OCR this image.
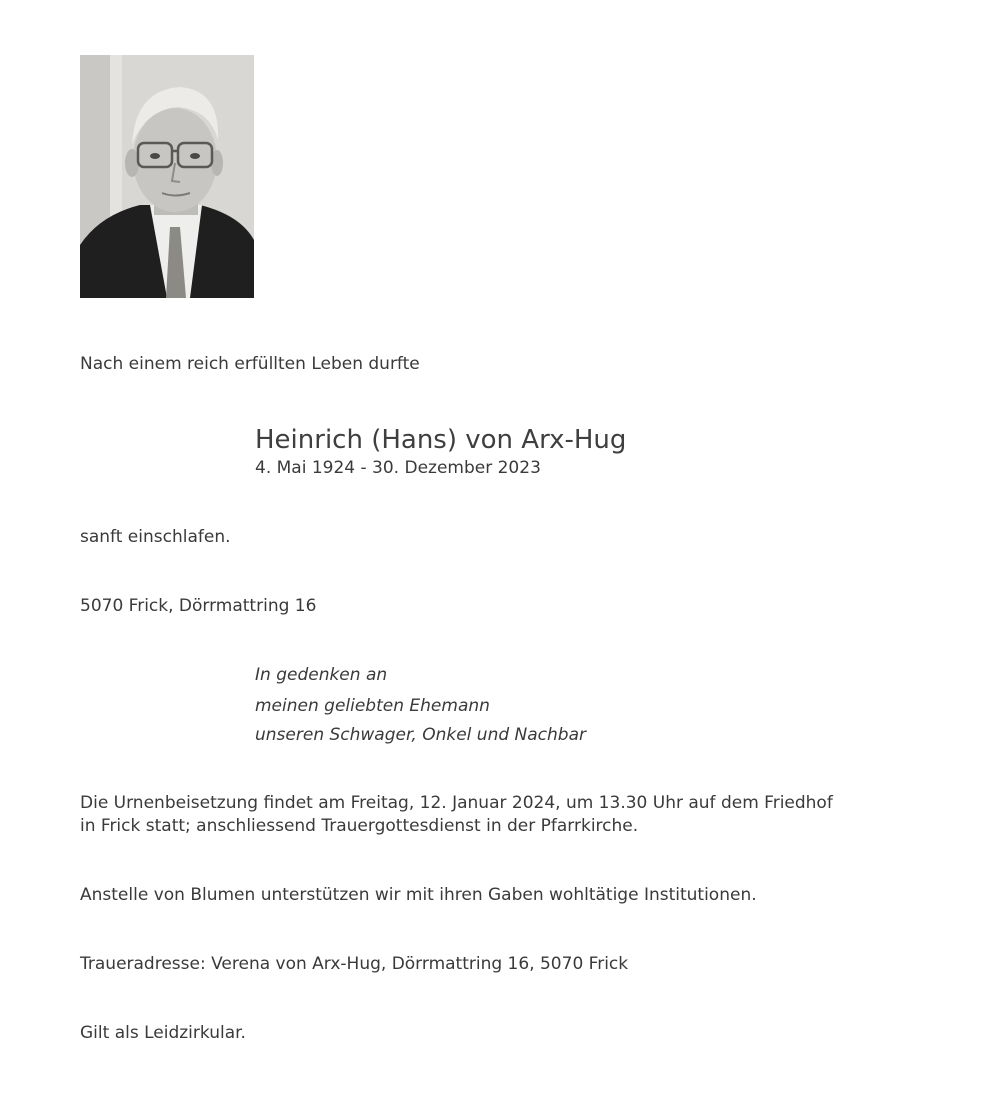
Nach einem reich erfüllten Leben durfte
Heinrich (Hans) von Arx-Hug
4. Mai 1924 - 30. Dezember 2023
sanft einschlafen.
5070 Frick, Dörrmattring 16
In gedenken an
meinen geliebten Ehemann
unseren Schwager, Onkel und Nachbar
Die Urnenbeisetzung findet am Freitag, 12. Januar 2024, um 13.30 Uhr auf dem Friedhof
in Frick statt; anschliessend Trauergottesdienst in der Pfarrkirche.
Anstelle von Blumen unterstützen wir mit ihren Gaben wohltätige Institutionen.
Traueradresse: Verena von Arx-Hug, Dörrmattring 16, 5070 Frick
Gilt als Leidzirkular.
